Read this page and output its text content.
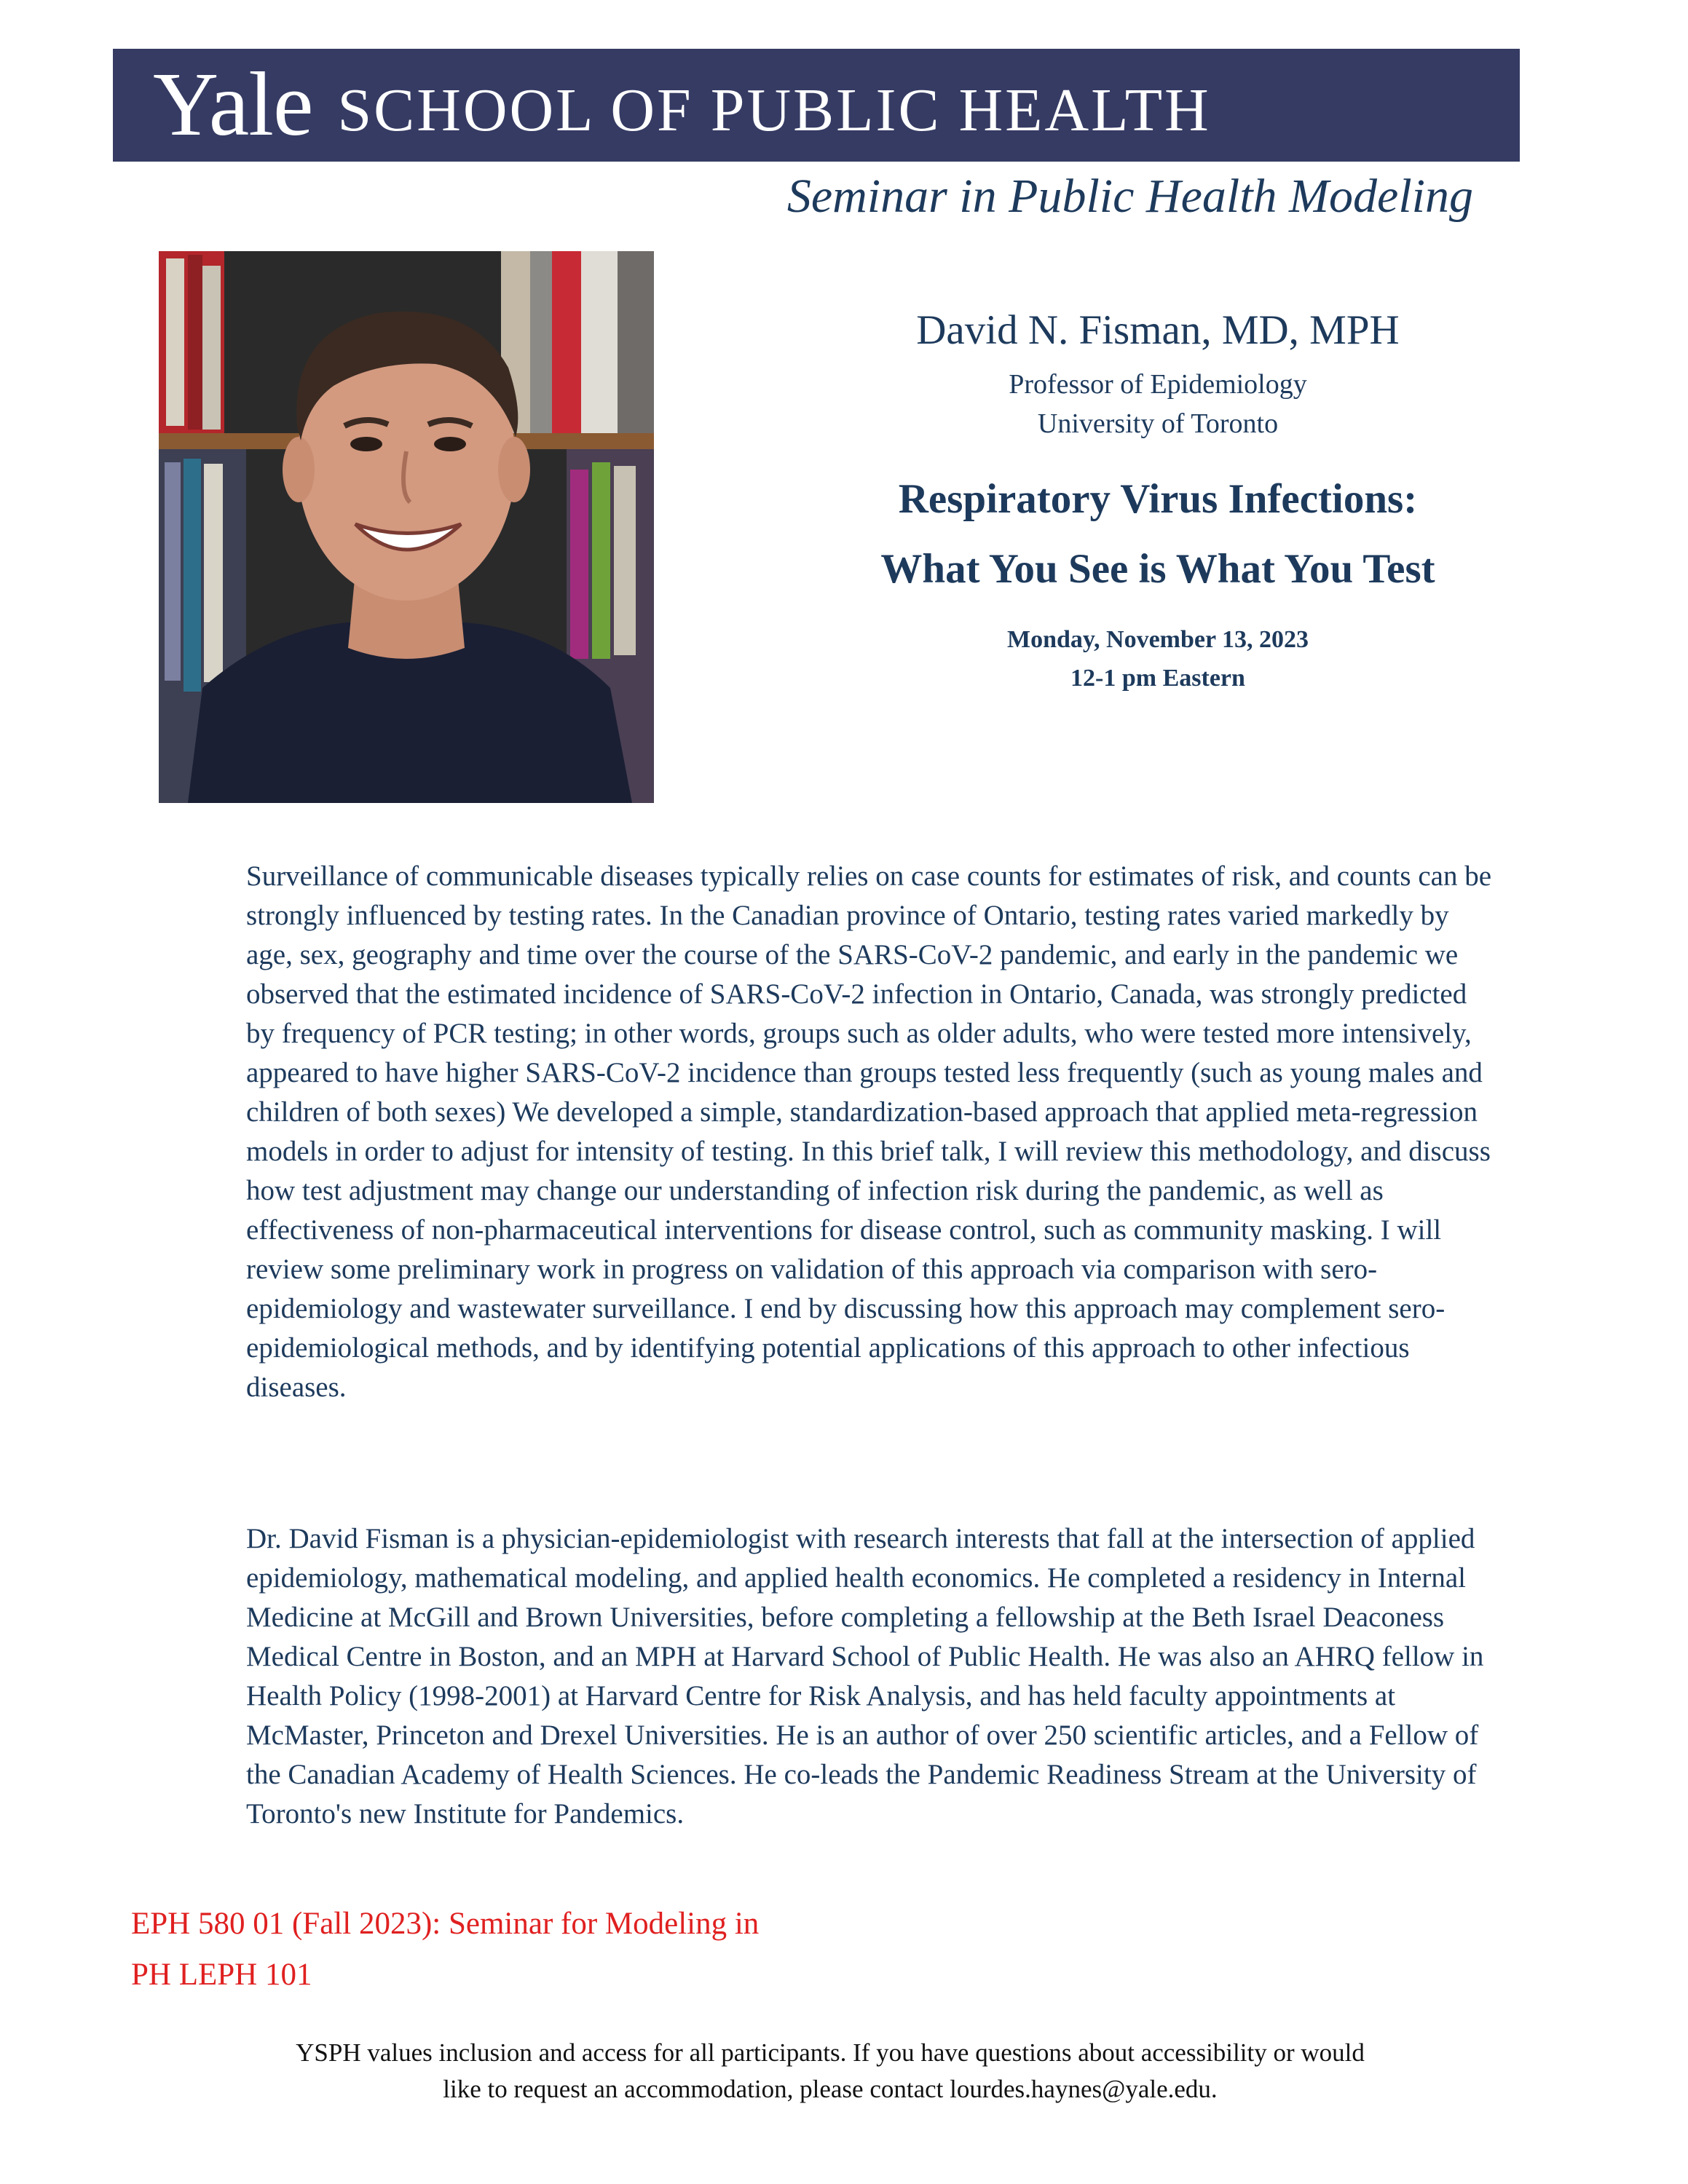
Yale SCHOOL OF PUBLIC HEALTH
Seminar in Public Health Modeling
David N. Fisman, MD, MPH
Professor of Epidemiology
University of Toronto
Respiratory Virus Infections:
What You See is What You Test
Monday, November 13, 2023
12-1 pm Eastern

Surveillance of communicable diseases typically relies on case counts for estimates of risk, and counts can be strongly influenced by testing rates. In the Canadian province of Ontario, testing rates varied markedly by age, sex, geography and time over the course of the SARS-CoV-2 pandemic, and early in the pandemic we observed that the estimated incidence of SARS-CoV-2 infection in Ontario, Canada, was strongly predicted by frequency of PCR testing; in other words, groups such as older adults, who were tested more intensively, appeared to have higher SARS-CoV-2 incidence than groups tested less frequently (such as young males and children of both sexes) We developed a simple, standardization-based approach that applied meta-regression models in order to adjust for intensity of testing. In this brief talk, I will review this methodology, and discuss how test adjustment may change our understanding of infection risk during the pandemic, as well as effectiveness of non-pharmaceutical interventions for disease control, such as community masking. I will review some preliminary work in progress on validation of this approach via comparison with sero-epidemiology and wastewater surveillance. I end by discussing how this approach may complement sero-epidemiological methods, and by identifying potential applications of this approach to other infectious diseases.

Dr. David Fisman is a physician-epidemiologist with research interests that fall at the intersection of applied epidemiology, mathematical modeling, and applied health economics. He completed a residency in Internal Medicine at McGill and Brown Universities, before completing a fellowship at the Beth Israel Deaconess Medical Centre in Boston, and an MPH at Harvard School of Public Health. He was also an AHRQ fellow in Health Policy (1998-2001) at Harvard Centre for Risk Analysis, and has held faculty appointments at McMaster, Princeton and Drexel Universities. He is an author of over 250 scientific articles, and a Fellow of the Canadian Academy of Health Sciences. He co-leads the Pandemic Readiness Stream at the University of Toronto's new Institute for Pandemics.

EPH 580 01 (Fall 2023): Seminar for Modeling in
PH LEPH 101
YSPH values inclusion and access for all participants. If you have questions about accessibility or would
like to request an accommodation, please contact lourdes.haynes@yale.edu.
